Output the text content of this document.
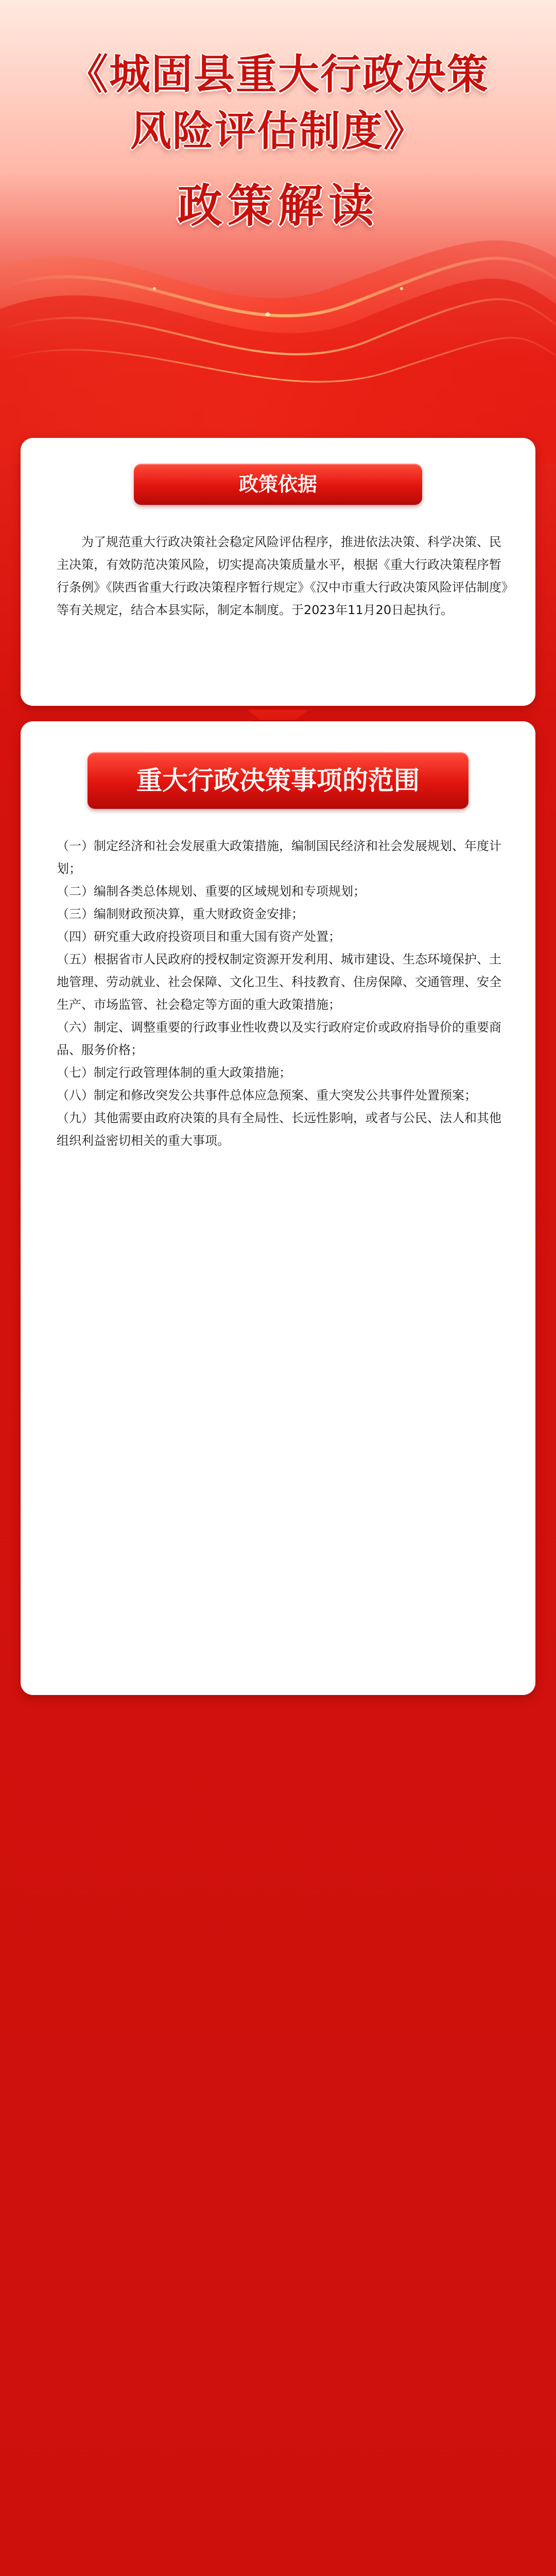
《城固县重大行政决策
风险评估制度》
政策解读
政策依据

为了规范重大行政决策社会稳定风险评估程序，推进依法决策、科学决策、民主决策，有效防范决策风险，切实提高决策质量水平，根据《重大行政决策程序暂行条例》《陕西省重大行政决策程序暂行规定》《汉中市重大行政决策风险评估制度》等有关规定，结合本县实际，制定本制度。于2023年11月20日起执行。

重大行政决策事项的范围

（一）制定经济和社会发展重大政策措施，编制国民经济和社会发展规划、年度计划；

（二）编制各类总体规划、重要的区域规划和专项规划；

（三）编制财政预决算，重大财政资金安排；

（四）研究重大政府投资项目和重大国有资产处置；

（五）根据省市人民政府的授权制定资源开发利用、城市建设、生态环境保护、土地管理、劳动就业、社会保障、文化卫生、科技教育、住房保障、交通管理、安全生产、市场监管、社会稳定等方面的重大政策措施；

（六）制定、调整重要的行政事业性收费以及实行政府定价或政府指导价的重要商品、服务价格；

（七）制定行政管理体制的重大政策措施；

（八）制定和修改突发公共事件总体应急预案、重大突发公共事件处置预案；

（九）其他需要由政府决策的具有全局性、长远性影响，或者与公民、法人和其他组织利益密切相关的重大事项。
